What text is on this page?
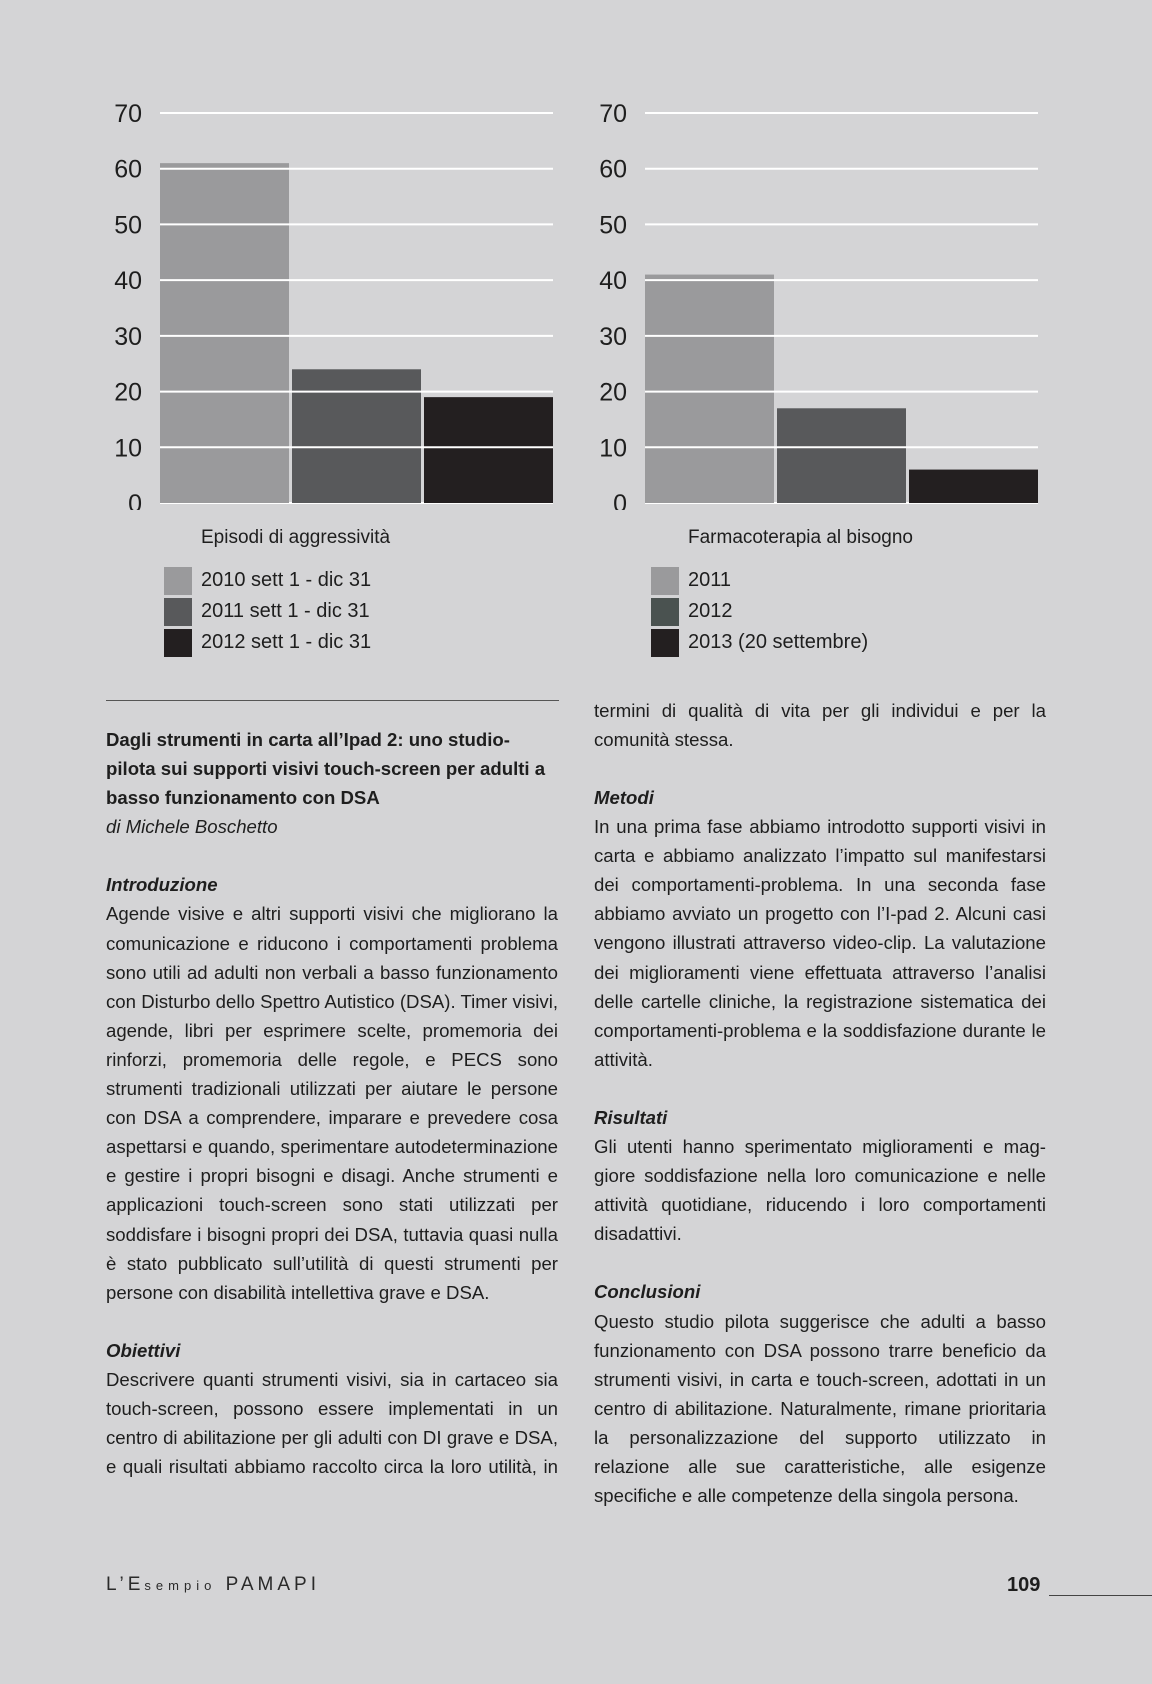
70
60
50
40
30
20
10
0
Episodi di aggressività
2010 sett 1 - dic 31
2011 sett 1 - dic 31
2012 sett 1 - dic 31
70
60
50
40
30
20
10
0
Farmacoterapia al bisogno
2011
2012
2013 (20 settembre)

Dagli strumenti in carta all’Ipad 2: uno studio-pilota sui supporti visivi touch-screen per adulti a basso funzionamento con DSA

di Michele Boschetto

Introduzione

Agende visive e altri supporti visivi che migliorano la comunicazione e riducono i comportamenti problema sono utili ad adulti non verbali a basso funzionamento con Disturbo dello Spettro Autistico (DSA). Timer visivi, agende, libri per esprimere scelte, promemoria dei rinforzi, promemoria delle regole, e PECS sono strumenti tradizionali utilizzati per aiutare le persone con DSA a comprendere, imparare e prevedere cosa aspettarsi e quando, sperimentare autodeterminazione e gestire i propri bisogni e disagi. Anche strumenti e applicazioni touch-screen sono stati utilizzati per soddisfare i bisogni propri dei DSA, tuttavia quasi nulla è stato pubblicato sull’utilità di questi strumenti per persone con disabilità intellettiva grave e DSA.

Obiettivi

Descrivere quanti strumenti visivi, sia in cartaceo sia touch-screen, possono essere implementati in un centro di abilitazione per gli adulti con DI grave e DSA, e quali risultati abbiamo raccolto circa la loro utilità, in
termini di qualità di vita per gli individui e per la comunità stessa.

Metodi

In una prima fase abbiamo introdotto supporti visivi in carta e abbiamo analizzato l’impatto sul manifestarsi dei comportamenti-problema. In una seconda fase abbiamo avviato un progetto con l’I-pad 2. Alcuni casi vengono illustrati attraverso video-clip. La valutazione dei miglioramenti viene effettuata attraverso l’analisi delle cartelle cliniche, la registrazione sistematica dei comportamenti-problema e la soddisfazione durante le attività.

Risultati

Gli utenti hanno sperimentato miglioramenti e maggiore soddisfazione nella loro comunicazione e nelle attività quotidiane, riducendo i loro comportamenti disadattivi.

Conclusioni

Questo studio pilota suggerisce che adulti a basso funzionamento con DSA possono trarre beneficio da strumenti visivi, in carta e touch-screen, adottati in un centro di abilitazione. Naturalmente, rimane prioritaria la personalizzazione del supporto utilizzato in relazione alle sue caratteristiche, alle esigenze specifiche e alle competenze della singola persona.

L’Esempio PAMAPI	109
